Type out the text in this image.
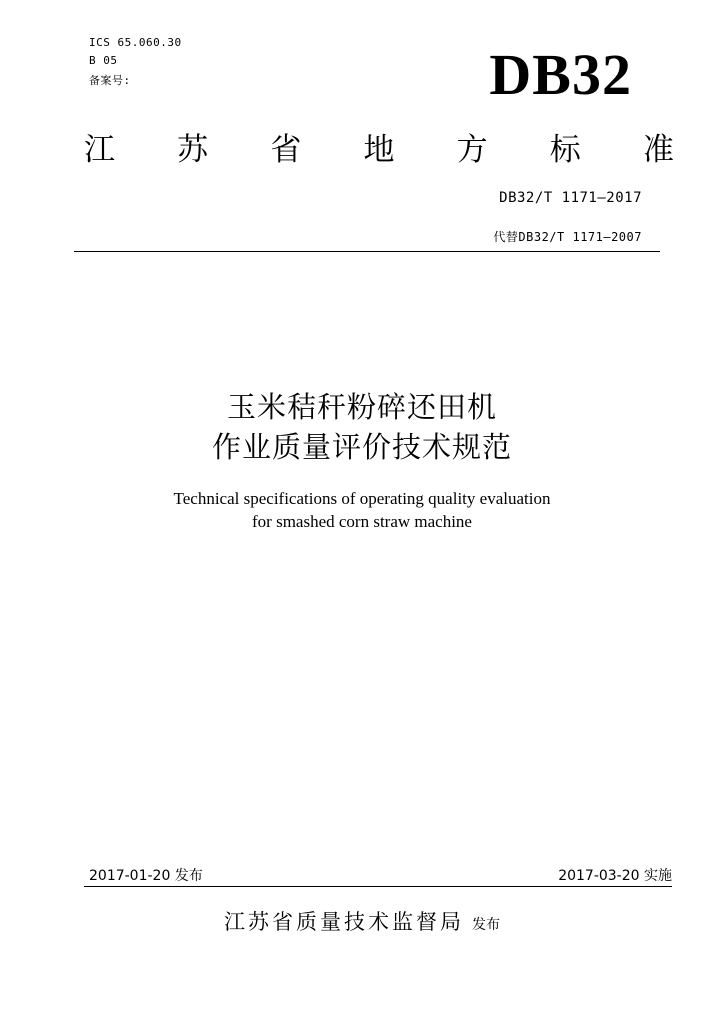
ICS 65.060.30
B 05
备案号:	DB32
江 苏 省 地 方 标 准
DB32/T 1171—2017
代替DB32/T 1171—2007
玉米秸秆粉碎还田机
作业质量评价技术规范
Technical specifications of operating quality evaluation
for smashed corn straw machine
2017-01-20 发布	2017-03-20 实施
江苏省质量技术监督局 发布
